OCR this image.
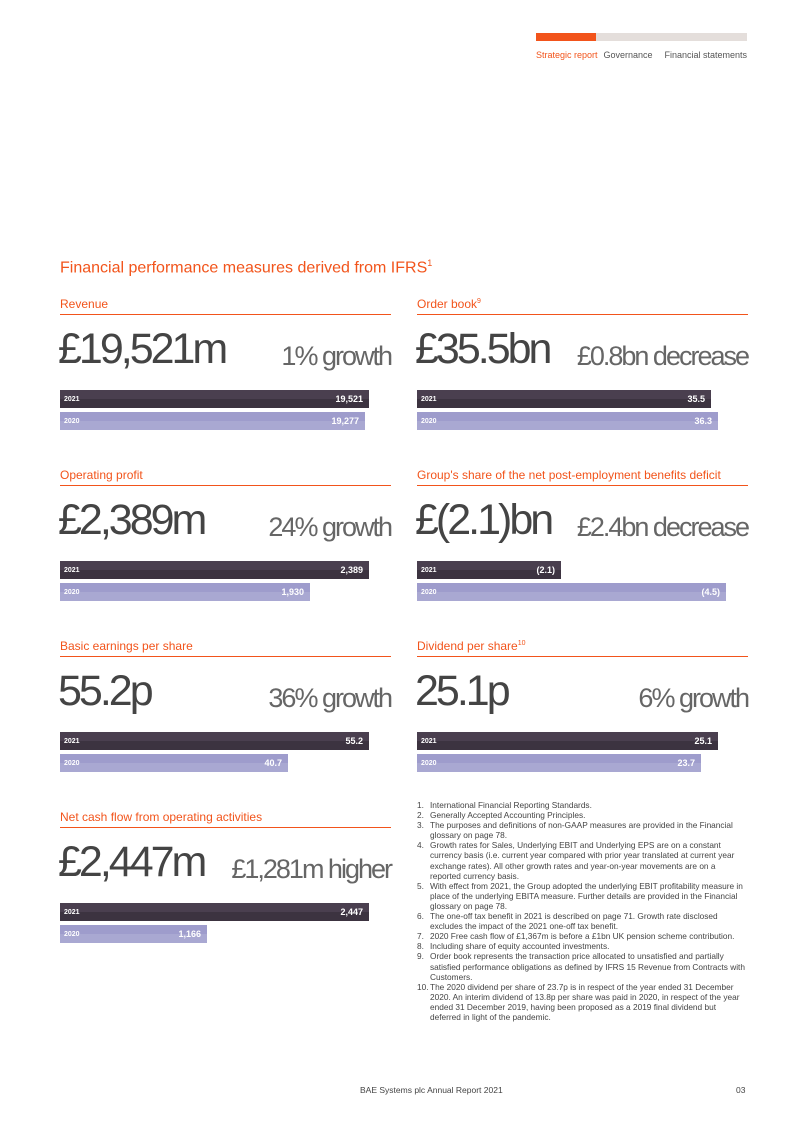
Strategic report Governance Financial statements
Financial performance measures derived from IFRS$^1$
Revenue
£19,521m 1% growth
2021	19,521
2020	19,277
Order book$^9$
£35.5bn £0.8bn decrease
2021	35.5
2020	36.3
Operating profit
£2,389m 24% growth
2021	2,389
2020	1,930
Group's share of the net post-employment benefits deficit
£(2.1)bn £2.4bn decrease
2021	(2.1)
2020	(4.5)
Basic earnings per share
55.2p	36% growth
2021	55.2
2020	40.7
Dividend per share$^{10}$
25.1p	6% growth
2021	25.1
2020	23.7
Net cash flow from operating activities
£2,447m £1,281m higher
2021	2,447
2020	1,166
1. International Financial Reporting Standards.
2. Generally Accepted Accounting Principles.
3. The purposes and definitions of non-GAAP measures are provided in the Financial glossary on page 78.
4. Growth rates for Sales, Underlying EBIT and Underlying EPS are on a constant currency basis (i.e. current year compared with prior year translated at current year exchange rates). All other growth rates and year-on-year movements are on a reported currency basis.
5. With effect from 2021, the Group adopted the underlying EBIT profitability measure in place of the underlying EBITA measure. Further details are provided in the Financial glossary on page 78.
6. The one-off tax benefit in 2021 is described on page 71. Growth rate disclosed excludes the impact of the 2021 one-off tax benefit.
7. 2020 Free cash flow of £1,367m is before a £1bn UK pension scheme contribution.
8. Including share of equity accounted investments.
9. Order book represents the transaction price allocated to unsatisfied and partially satisfied performance obligations as defined by IFRS 15 Revenue from Contracts with Customers.
10. The 2020 dividend per share of 23.7p is in respect of the year ended 31 December 2020. An interim dividend of 13.8p per share was paid in 2020, in respect of the year ended 31 December 2019, having been proposed as a 2019 final dividend but deferred in light of the pandemic.
BAE Systems plc Annual Report 2021	03
